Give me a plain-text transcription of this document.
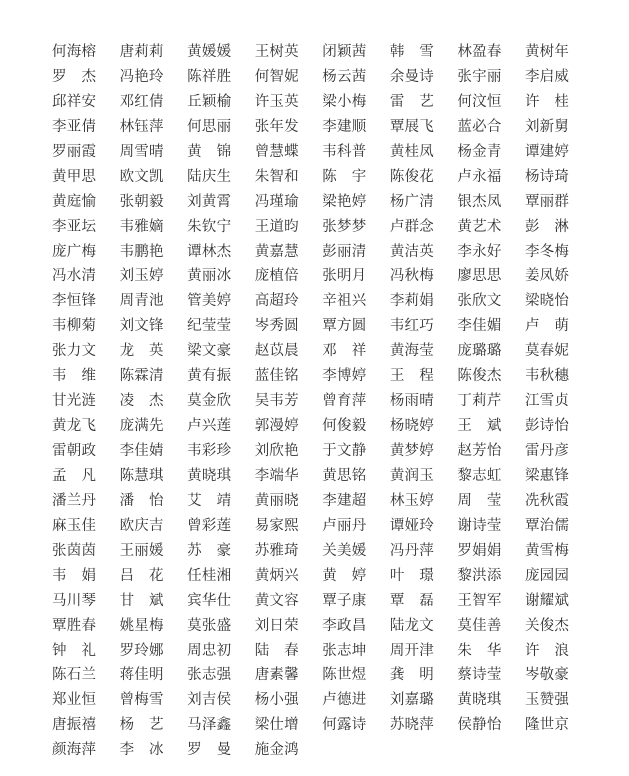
何海榕 唐莉莉 黄媛媛 王树英 闭颖茜 韩雪 林盈春 黄树年
罗杰 冯艳玲 陈祥胜 何智妮 杨云茜 余曼诗 张宇丽 李启威
邱祥安 邓红倩 丘颖榆 许玉英 梁小梅 雷艺 何汶恒 许桂
李亚倩 林钰萍 何思丽 张年发 李建顺 覃展飞 蓝必合 刘新舅
罗丽霞 周雪晴 黄锦 曾慧蝶 韦科普 黄桂凤 杨金青 谭建婷
黄甲思 欧文凯 陆庆生 朱智和 陈宇 陈俊花 卢永福 杨诗琦
黄庭愉 张朝毅 刘黄霄 冯瑾瑜 梁艳婷 杨广清 银杰凤 覃丽群
李亚坛 韦雅嫡 朱钦宁 王道昀 张梦梦 卢群念 黄艺术 彭淋
庞广梅 韦鹏艳 谭林杰 黄嘉慧 彭丽清 黄洁英 李永好 李冬梅
冯水清 刘玉婷 黄丽冰 庞植倍 张明月 冯秋梅 廖思思 姜凤娇
李恒锋 周青池 管美婷 高超玲 辛祖兴 李莉娟 张欣文 梁晓怡
韦柳菊 刘文锋 纪莹莹 岑秀圆 覃方圆 韦红巧 李佳媚 卢萌
张力文 龙英 梁文豪 赵苡晨 邓祥 黄海莹 庞璐璐 莫春妮
韦维 陈霖清 黄有振 蓝佳铭 李博婷 王程 陈俊杰 韦秋穗
甘光涟 凌杰 莫金欣 吴韦芳 曾育萍 杨雨晴 丁莉芹 江雪贞
黄龙飞 庞满先 卢兴莲 郭漫婷 何俊毅 杨晓婷 王斌 彭诗怡
雷朝政 李佳婧 韦彩珍 刘欣艳 于文静 黄梦婷 赵芳怡 雷丹彦
孟凡 陈慧琪 黄晓琪 李端华 黄思铭 黄润玉 黎志虹 梁惠锋
潘兰丹 潘怡 艾靖 黄丽晓 李建超 林玉婷 周莹 冼秋霞
麻玉佳 欧庆吉 曾彩莲 易家熙 卢丽丹 谭娅玲 谢诗莹 覃治儒
张茵茵 王丽媛 苏豪 苏雅琦 关美媛 冯丹萍 罗娟娟 黄雪梅
韦娟 吕花 任桂湘 黄炳兴 黄婷 叶璟 黎洪添 庞园园
马川琴 甘斌 宾华仕 黄文容 覃子康 覃磊 王智军 谢耀斌
覃胜春 姚星梅 莫张盛 刘日荣 李政昌 陆龙文 莫佳善 关俊杰
钟礼 罗玲娜 周忠初 陆春 张志坤 周开津 朱华 许浪
陈石兰 蒋佳明 张志强 唐素馨 陈世煜 龚明 蔡诗莹 岑敬豪
郑业恒 曾梅雪 刘吉侯 杨小强 卢德进 刘嘉璐 黄晓琪 玉赞强
唐振禧 杨艺 马泽鑫 梁仕增 何露诗 苏晓萍 侯静怡 隆世京
颜海萍 李冰 罗曼 施金鸿
